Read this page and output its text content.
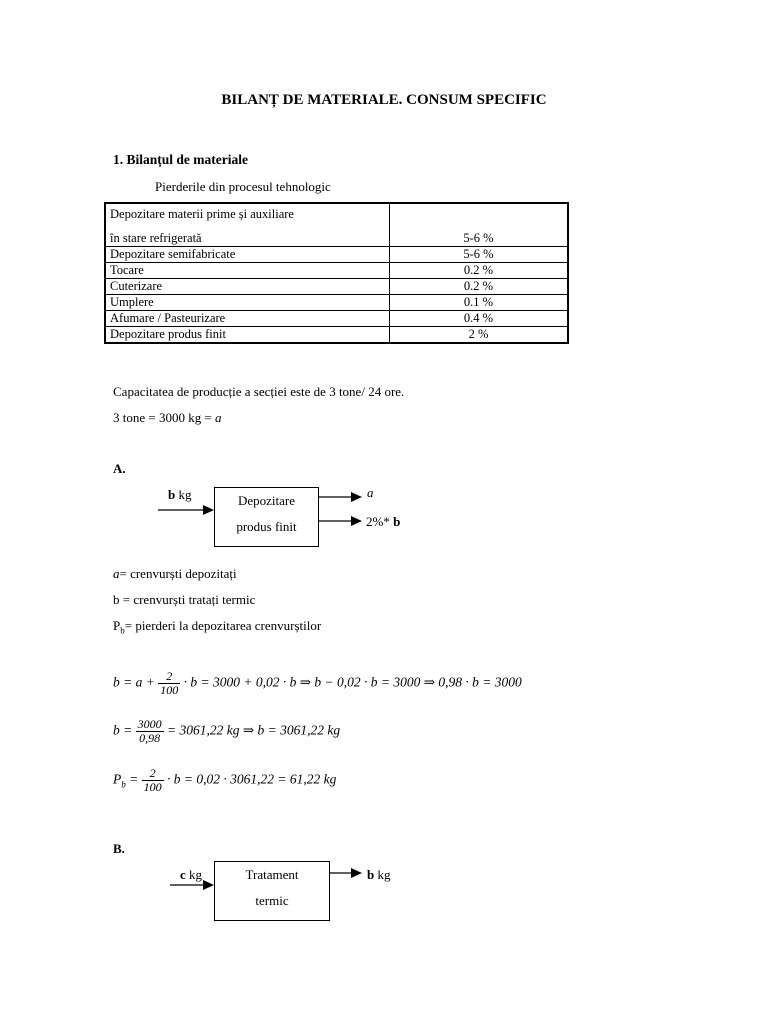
BILANȚ DE MATERIALE. CONSUM SPECIFIC
1. Bilanțul de materiale
Pierderile din procesul tehnologic
Depozitare materii prime și auxiliare
în stare refrigerată	5-6 %
Depozitare semifabricate	5-6 %
Tocare	0.2 %
Cuterizare	0.2 %
Umplere	0.1 %
Afumare / Pasteurizare	0.4 %
Depozitare produs finit	2 %
Capacitatea de producție a secției este de 3 tone/ 24 ore.
3 tone = 3000 kg = a
A.
b kg	Depozitare
produs finit
a
2%* b
a= crenvurști depozitați
b = crenvurști tratați termic
$P_b=$ pierderi la depozitarea crenvurștilor
$b = a + \frac{2}{100} \cdot b = 3000 + 0,02 \cdot b$ ⇒ b − 0,02 · b = 3000 ⇒ 0,98 · b = 3000
$b = \frac{3000}{0,98} = 3061,22$ kg ⇒ b = 3061,22 kg
$P_b = \frac{2}{100} \cdot b = 0,02 \cdot 3061,22 = 61,22$ kg
B.
c kg	Tratament
termic
b kg
